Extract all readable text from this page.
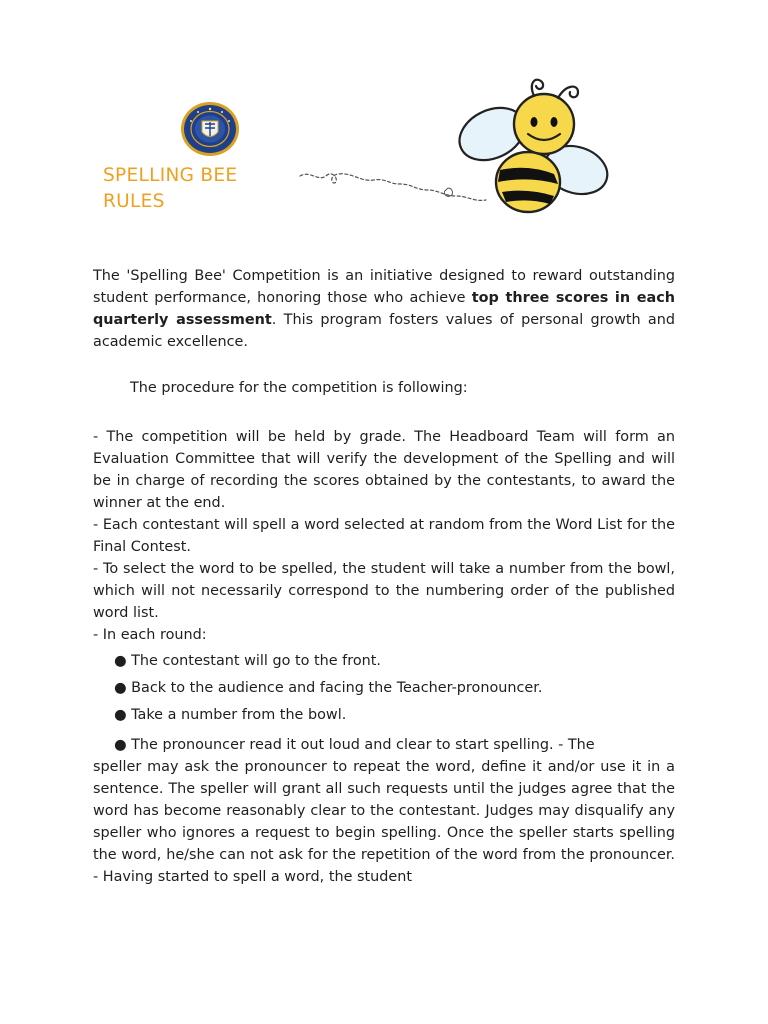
SPELLING BEE
RULES

The 'Spelling Bee' Competition is an initiative designed to reward outstanding student performance, honoring those who achieve top three scores in each quarterly assessment. This program fosters values of personal growth and academic excellence.

The procedure for the competition is following:

- The competition will be held by grade. The Headboard Team will form an Evaluation Committee that will verify the development of the Spelling and will be in charge of recording the scores obtained by the contestants, to award the winner at the end.

- Each contestant will spell a word selected at random from the Word List for the Final Contest.

- To select the word to be spelled, the student will take a number from the bowl, which will not necessarily correspond to the numbering order of the published word list.

- In each round:

● The contestant will go to the front.
● Back to the audience and facing the Teacher-pronouncer.
● Take a number from the bowl.
● The pronouncer read it out loud and clear to start spelling. - The
speller may ask the pronouncer to repeat the word, define it and/or use it in a sentence. The speller will grant all such requests until the judges agree that the word has become reasonably clear to the contestant. Judges may disqualify any speller who ignores a request to begin spelling. Once the speller starts spelling the word, he/she can not ask for the repetition of the word from the pronouncer. - Having started to spell a word, the student
